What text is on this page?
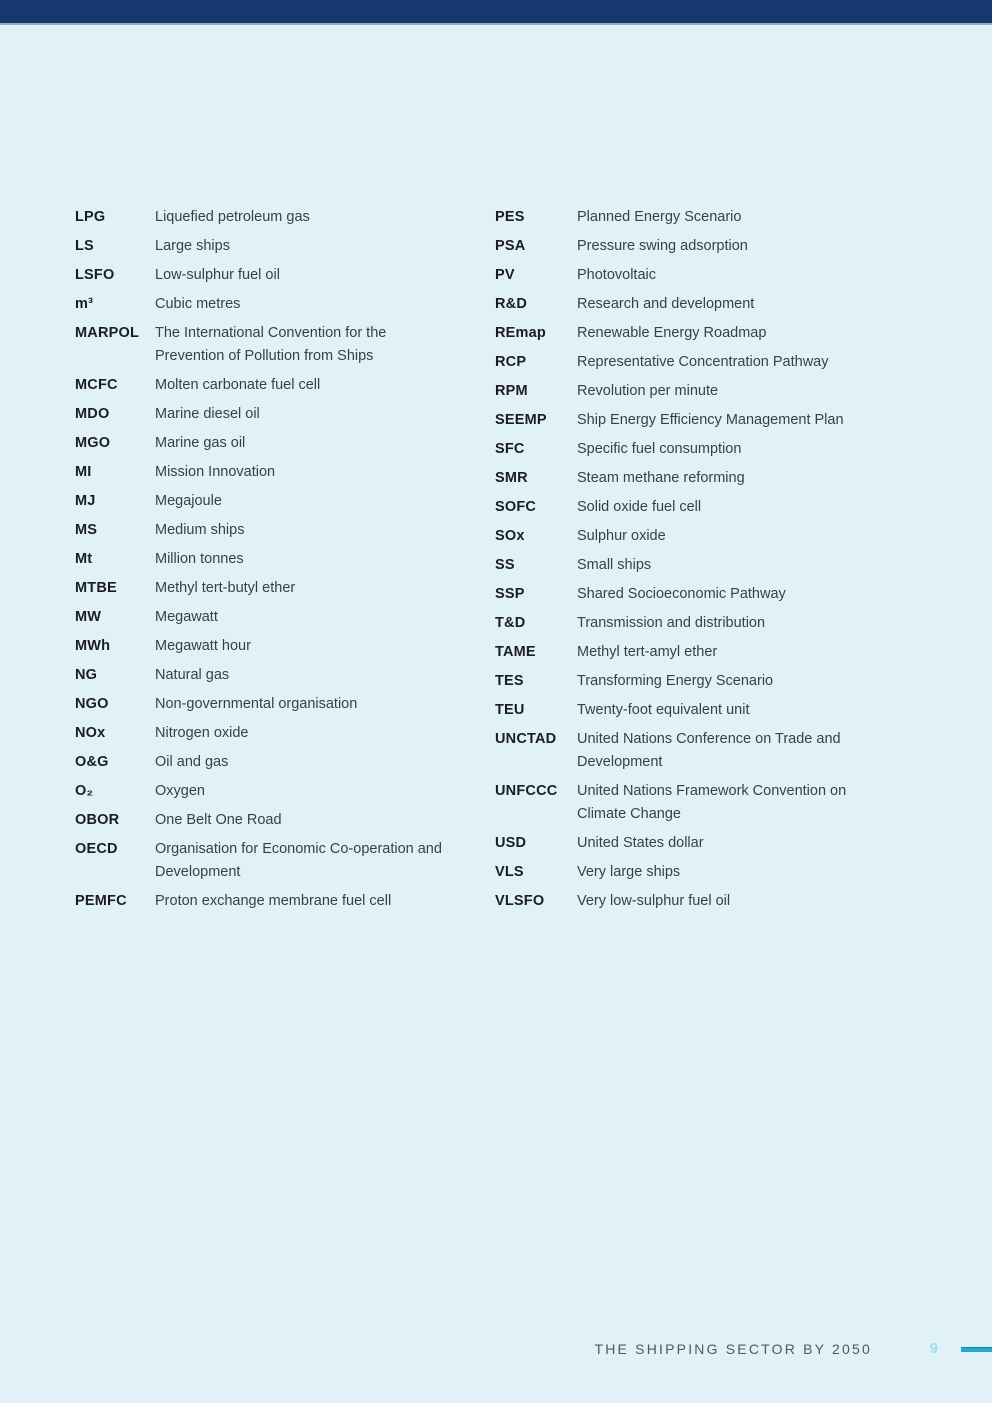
LPG	Liquefied petroleum gas
LS	Large ships
LSFO	Low-sulphur fuel oil
m³	Cubic metres
MARPOL	The International Convention for the Prevention of Pollution from Ships
MCFC	Molten carbonate fuel cell
MDO	Marine diesel oil
MGO	Marine gas oil
MI	Mission Innovation
MJ	Megajoule
MS	Medium ships
Mt	Million tonnes
MTBE	Methyl tert-butyl ether
MW	Megawatt
MWh	Megawatt hour
NG	Natural gas
NGO	Non-governmental organisation
NOx	Nitrogen oxide
O&G	Oil and gas
O₂	Oxygen
OBOR	One Belt One Road
OECD	Organisation for Economic Co-operation and Development
PEMFC	Proton exchange membrane fuel cell
PES	Planned Energy Scenario
PSA	Pressure swing adsorption
PV	Photovoltaic
R&D	Research and development
REmap	Renewable Energy Roadmap
RCP	Representative Concentration Pathway
RPM	Revolution per minute
SEEMP	Ship Energy Efficiency Management Plan
SFC	Specific fuel consumption
SMR	Steam methane reforming
SOFC	Solid oxide fuel cell
SOx	Sulphur oxide
SS	Small ships
SSP	Shared Socioeconomic Pathway
T&D	Transmission and distribution
TAME	Methyl tert-amyl ether
TES	Transforming Energy Scenario
TEU	Twenty-foot equivalent unit
UNCTAD	United Nations Conference on Trade and Development
UNFCCC	United Nations Framework Convention on Climate Change
USD	United States dollar
VLS	Very large ships
VLSFO	Very low-sulphur fuel oil
THE SHIPPING SECTOR BY 2050	9
